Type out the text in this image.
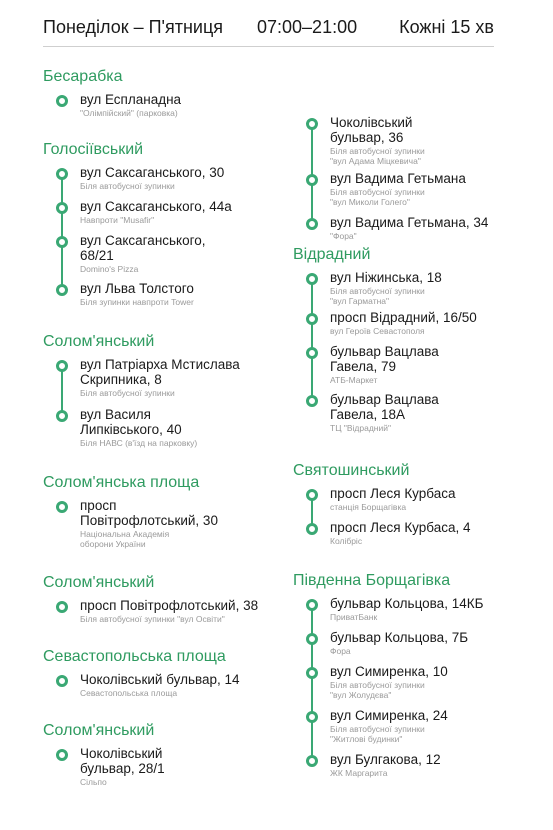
Понеділок – П'ятниця 07:00–21:00 Кожні 15 хв
Бесарабка
вул Еспланадна
"Олімпійский" (парковка)
Голосіївський
вул Саксаганського, 30
Біля автобусної зупинки
вул Саксаганського, 44а
Навпроти "Musafir"
вул Саксаганського,
68/21
Domino's Pizza
вул Льва Толстого
Біля зупинки навпроти Tower
Солом'янський
вул Патріарха Мстислава
Скрипника, 8
Біля автобусної зупинки
вул Василя
Липківського, 40
Біля НАВС (в'їзд на парковку)
Солом'янська площа
просп
Повітрофлотський, 30
Національна Академія
оборони України
Солом'янський
просп Повітрофлотський, 38
Біля автобусної зупинки "вул Освіти"
Севастопольська площа
Чоколівський бульвар, 14
Севастопольська площа
Солом'янський
Чоколівський
бульвар, 28/1
Сільпо
Чоколівський
бульвар, 36
Біля автобусної зупинки
"вул Адама Міцкевича"
вул Вадима Гетьмана
Біля автобусної зупинки
"вул Миколи Голего"
вул Вадима Гетьмана, 34
"Фора"
Відрадний
вул Ніжинська, 18
Біля автобусної зупинки
"вул Гарматна"
просп Відрадний, 16/50
вул Героїв Севастополя
бульвар Вацлава
Гавела, 79
АТБ-Маркет
бульвар Вацлава
Гавела, 18А
ТЦ "Відрадний"
Святошинський
просп Леся Курбаса
станція Борщагівка
просп Леся Курбаса, 4
Колібріс
Південна Борщагівка
бульвар Кольцова, 14КБ
ПриватБанк
бульвар Кольцова, 7Б
Фора
вул Симиренка, 10
Біля автобусної зупинки
"вул Жолудєва"
вул Симиренка, 24
Біля автобусної зупинки
"Житлові будинки"
вул Булгакова, 12
ЖК Маргарита
